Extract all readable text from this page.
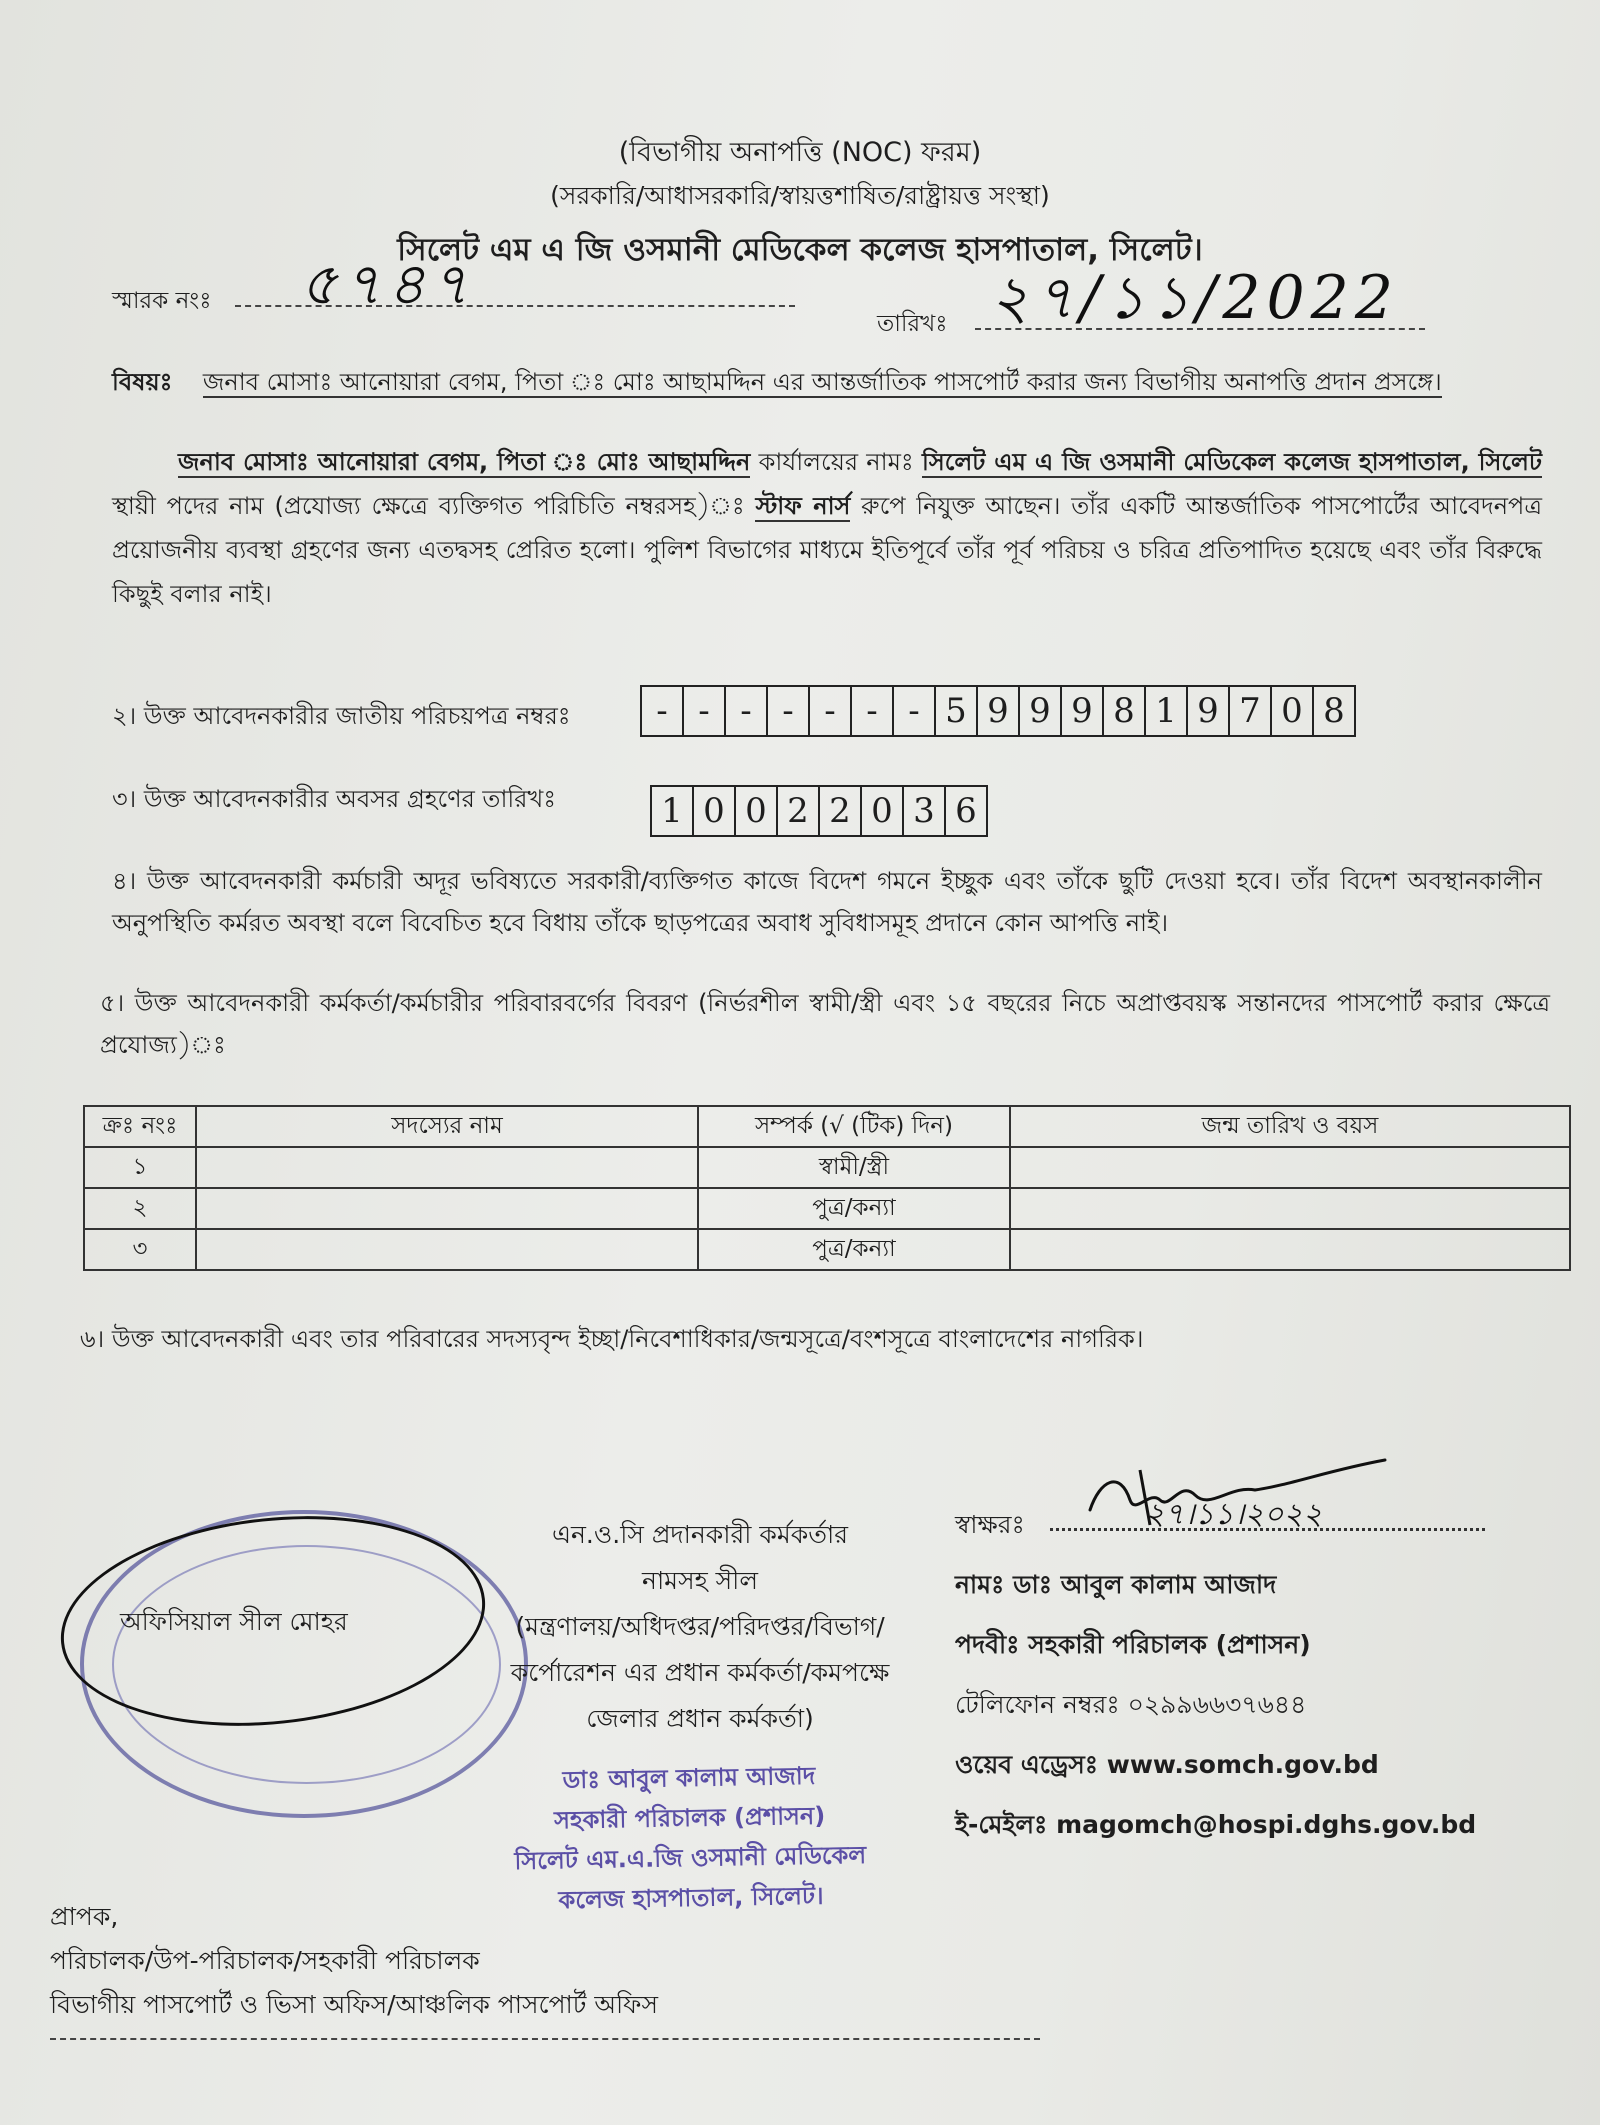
(বিভাগীয় অনাপত্তি (NOC) ফরম)
(সরকারি/আধাসরকারি/স্বায়ত্তশাষিত/রাষ্ট্রায়ত্ত সংস্থা)
সিলেট এম এ জি ওসমানী মেডিকেল কলেজ হাসপাতাল, সিলেট।
স্মারক নংঃ ৫৭৪৭
তারিখঃ ২৭/১১/2022
বিষয়ঃ জনাব মোসাঃ আনোয়ারা বেগম, পিতা ঃ মোঃ আছামদ্দিন এর আন্তর্জাতিক পাসপোর্ট করার জন্য বিভাগীয় অনাপত্তি প্রদান প্রসঙ্গে।
জনাব মোসাঃ আনোয়ারা বেগম, পিতা ঃ মোঃ আছামদ্দিন কার্যালয়ের নামঃ সিলেট এম এ জি ওসমানী মেডিকেল কলেজ হাসপাতাল, সিলেট স্থায়ী পদের নাম (প্রযোজ্য ক্ষেত্রে ব্যক্তিগত পরিচিতি নম্বরসহ)ঃ স্টাফ নার্স রুপে নিযুক্ত আছেন। তাঁর একটি আন্তর্জাতিক পাসপোর্টের আবেদনপত্র প্রয়োজনীয় ব্যবস্থা গ্রহণের জন্য এতদ্বসহ প্রেরিত হলো। পুলিশ বিভাগের মাধ্যমে ইতিপূর্বে তাঁর পূর্ব পরিচয় ও চরিত্র প্রতিপাদিত হয়েছে এবং তাঁর বিরুদ্ধে কিছুই বলার নাই।
২। উক্ত আবেদনকারীর জাতীয় পরিচয়পত্র নম্বরঃ	- - - - - - - 5 9 9 9 8 1 9 7 0 8
৩। উক্ত আবেদনকারীর অবসর গ্রহণের তারিখঃ	1 0 0 2 2 0 3 6
৪। উক্ত আবেদনকারী কর্মচারী অদূর ভবিষ্যতে সরকারী/ব্যক্তিগত কাজে বিদেশ গমনে ইচ্ছুক এবং তাঁকে ছুটি দেওয়া হবে। তাঁর বিদেশ অবস্থানকালীন অনুপস্থিতি কর্মরত অবস্থা বলে বিবেচিত হবে বিধায় তাঁকে ছাড়পত্রের অবাধ সুবিধাসমূহ প্রদানে কোন আপত্তি নাই।
৫। উক্ত আবেদনকারী কর্মকর্তা/কর্মচারীর পরিবারবর্গের বিবরণ (নির্ভরশীল স্বামী/স্ত্রী এবং ১৫ বছরের নিচে অপ্রাপ্তবয়স্ক সন্তানদের পাসপোর্ট করার ক্ষেত্রে প্রযোজ্য)ঃ
ক্রঃ নংঃ	সদস্যের নাম	সম্পর্ক (√ (টিক) দিন)	জন্ম তারিখ ও বয়স
১		স্বামী/স্ত্রী	
২		পুত্র/কন্যা	
৩		পুত্র/কন্যা	
৬। উক্ত আবেদনকারী এবং তার পরিবারের সদস্যবৃন্দ ইচ্ছা/নিবেশাধিকার/জন্মসূত্রে/বংশসূত্রে বাংলাদেশের নাগরিক।
অফিসিয়াল সীল মোহর
এন.ও.সি প্রদানকারী কর্মকর্তার
নামসহ সীল
(মন্ত্রণালয়/অধিদপ্তর/পরিদপ্তর/বিভাগ/
কর্পোরেশন এর প্রধান কর্মকর্তা/কমপক্ষে
জেলার প্রধান কর্মকর্তা)
ডাঃ আবুল কালাম আজাদ
সহকারী পরিচালক (প্রশাসন)
সিলেট এম.এ.জি ওসমানী মেডিকেল
কলেজ হাসপাতাল, সিলেট।
স্বাক্ষরঃ	২৭।১১।২০২২
নামঃ ডাঃ আবুল কালাম আজাদ
পদবীঃ সহকারী পরিচালক (প্রশাসন)
টেলিফোন নম্বরঃ ০২৯৯৬৬৩৭৬৪৪
ওয়েব এড্রেসঃ www.somch.gov.bd
ই-মেইলঃ magomch@hospi.dghs.gov.bd
প্রাপক,
পরিচালক/উপ-পরিচালক/সহকারী পরিচালক
বিভাগীয় পাসপোর্ট ও ভিসা অফিস/আঞ্চলিক পাসপোর্ট অফিস
